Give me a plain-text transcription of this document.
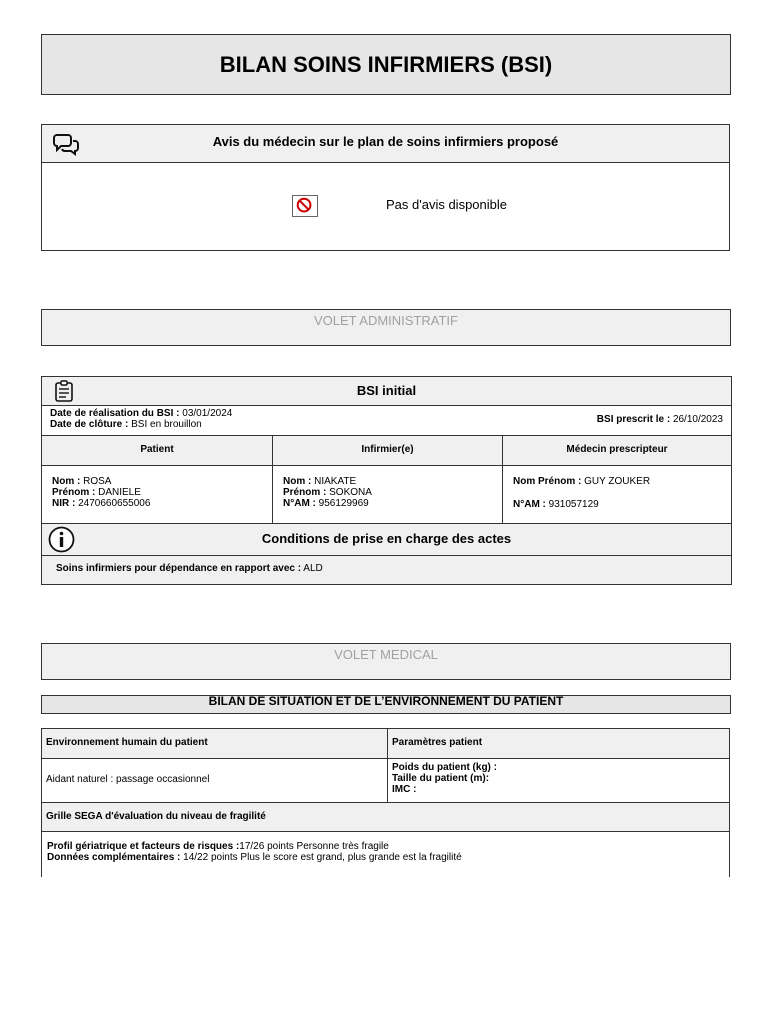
BILAN SOINS INFIRMIERS (BSI)
Avis du médecin sur le plan de soins infirmiers proposé
Pas d'avis disponible
VOLET ADMINISTRATIF
BSI initial
Date de réalisation du BSI : 03/01/2024
Date de clôture : BSI en brouillon	BSI prescrit le : 26/10/2023
Patient	Infirmier(e)	Médecin prescripteur
Nom : ROSA
Prénom : DANIELE
NIR : 2470660655006
Nom : NIAKATE
Prénom : SOKONA
N°AM : 956129969
Nom Prénom : GUY ZOUKER
N°AM : 931057129
Conditions de prise en charge des actes
Soins infirmiers pour dépendance en rapport avec : ALD
VOLET MEDICAL
BILAN DE SITUATION ET DE L’ENVIRONNEMENT DU PATIENT
Environnement humain du patient	Paramètres patient
Aidant naturel : passage occasionnel
Poids du patient (kg) :
Taille du patient (m):
IMC :
Grille SEGA d'évaluation du niveau de fragilité
Profil gériatrique et facteurs de risques :17/26 points Personne très fragile
Données complémentaires : 14/22 points Plus le score est grand, plus grande est la fragilité
